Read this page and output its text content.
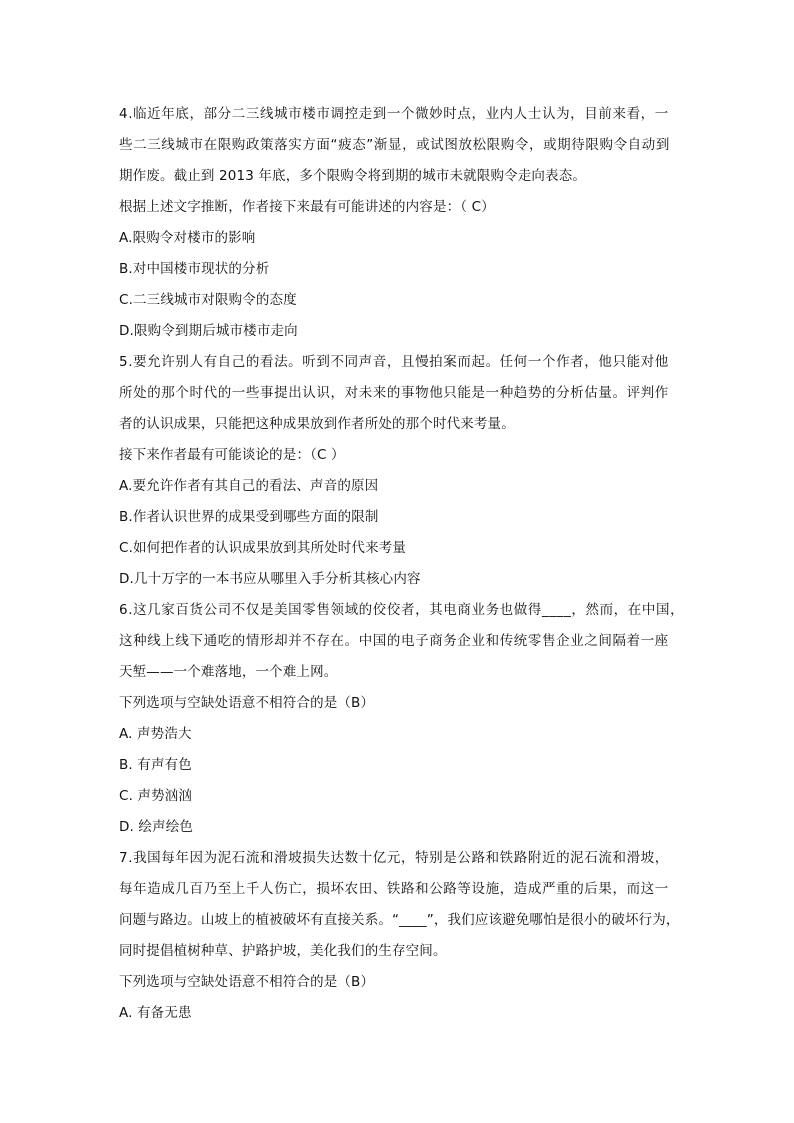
4.临近年底，部分二三线城市楼市调控走到一个微妙时点，业内人士认为，目前来看，一
些二三线城市在限购政策落实方面“疲态”渐显，或试图放松限购令，或期待限购令自动到
期作废。截止到 2013 年底，多个限购令将到期的城市未就限购令走向表态。
根据上述文字推断，作者接下来最有可能讲述的内容是：（ C）
A.限购令对楼市的影响
B.对中国楼市现状的分析
C.二三线城市对限购令的态度
D.限购令到期后城市楼市走向
5.要允许别人有自己的看法。听到不同声音，且慢拍案而起。任何一个作者，他只能对他
所处的那个时代的一些事提出认识，对未来的事物他只能是一种趋势的分析估量。评判作
者的认识成果，只能把这种成果放到作者所处的那个时代来考量。
接下来作者最有可能谈论的是：（C ）
A.要允许作者有其自己的看法、声音的原因
B.作者认识世界的成果受到哪些方面的限制
C.如何把作者的认识成果放到其所处时代来考量
D.几十万字的一本书应从哪里入手分析其核心内容
6.这几家百货公司不仅是美国零售领域的佼佼者，其电商业务也做得____，然而，在中国，
这种线上线下通吃的情形却并不存在。中国的电子商务企业和传统零售企业之间隔着一座
天堑——一个难落地，一个难上网。
下列选项与空缺处语意不相符合的是（B）
A. 声势浩大
B. 有声有色
C. 声势汹汹
D. 绘声绘色
7.我国每年因为泥石流和滑坡损失达数十亿元，特别是公路和铁路附近的泥石流和滑坡，
每年造成几百乃至上千人伤亡，损坏农田、铁路和公路等设施，造成严重的后果，而这一
问题与路边。山坡上的植被破坏有直接关系。“____”，我们应该避免哪怕是很小的破坏行为，
同时提倡植树种草、护路护坡，美化我们的生存空间。
下列选项与空缺处语意不相符合的是（B）
A. 有备无患
